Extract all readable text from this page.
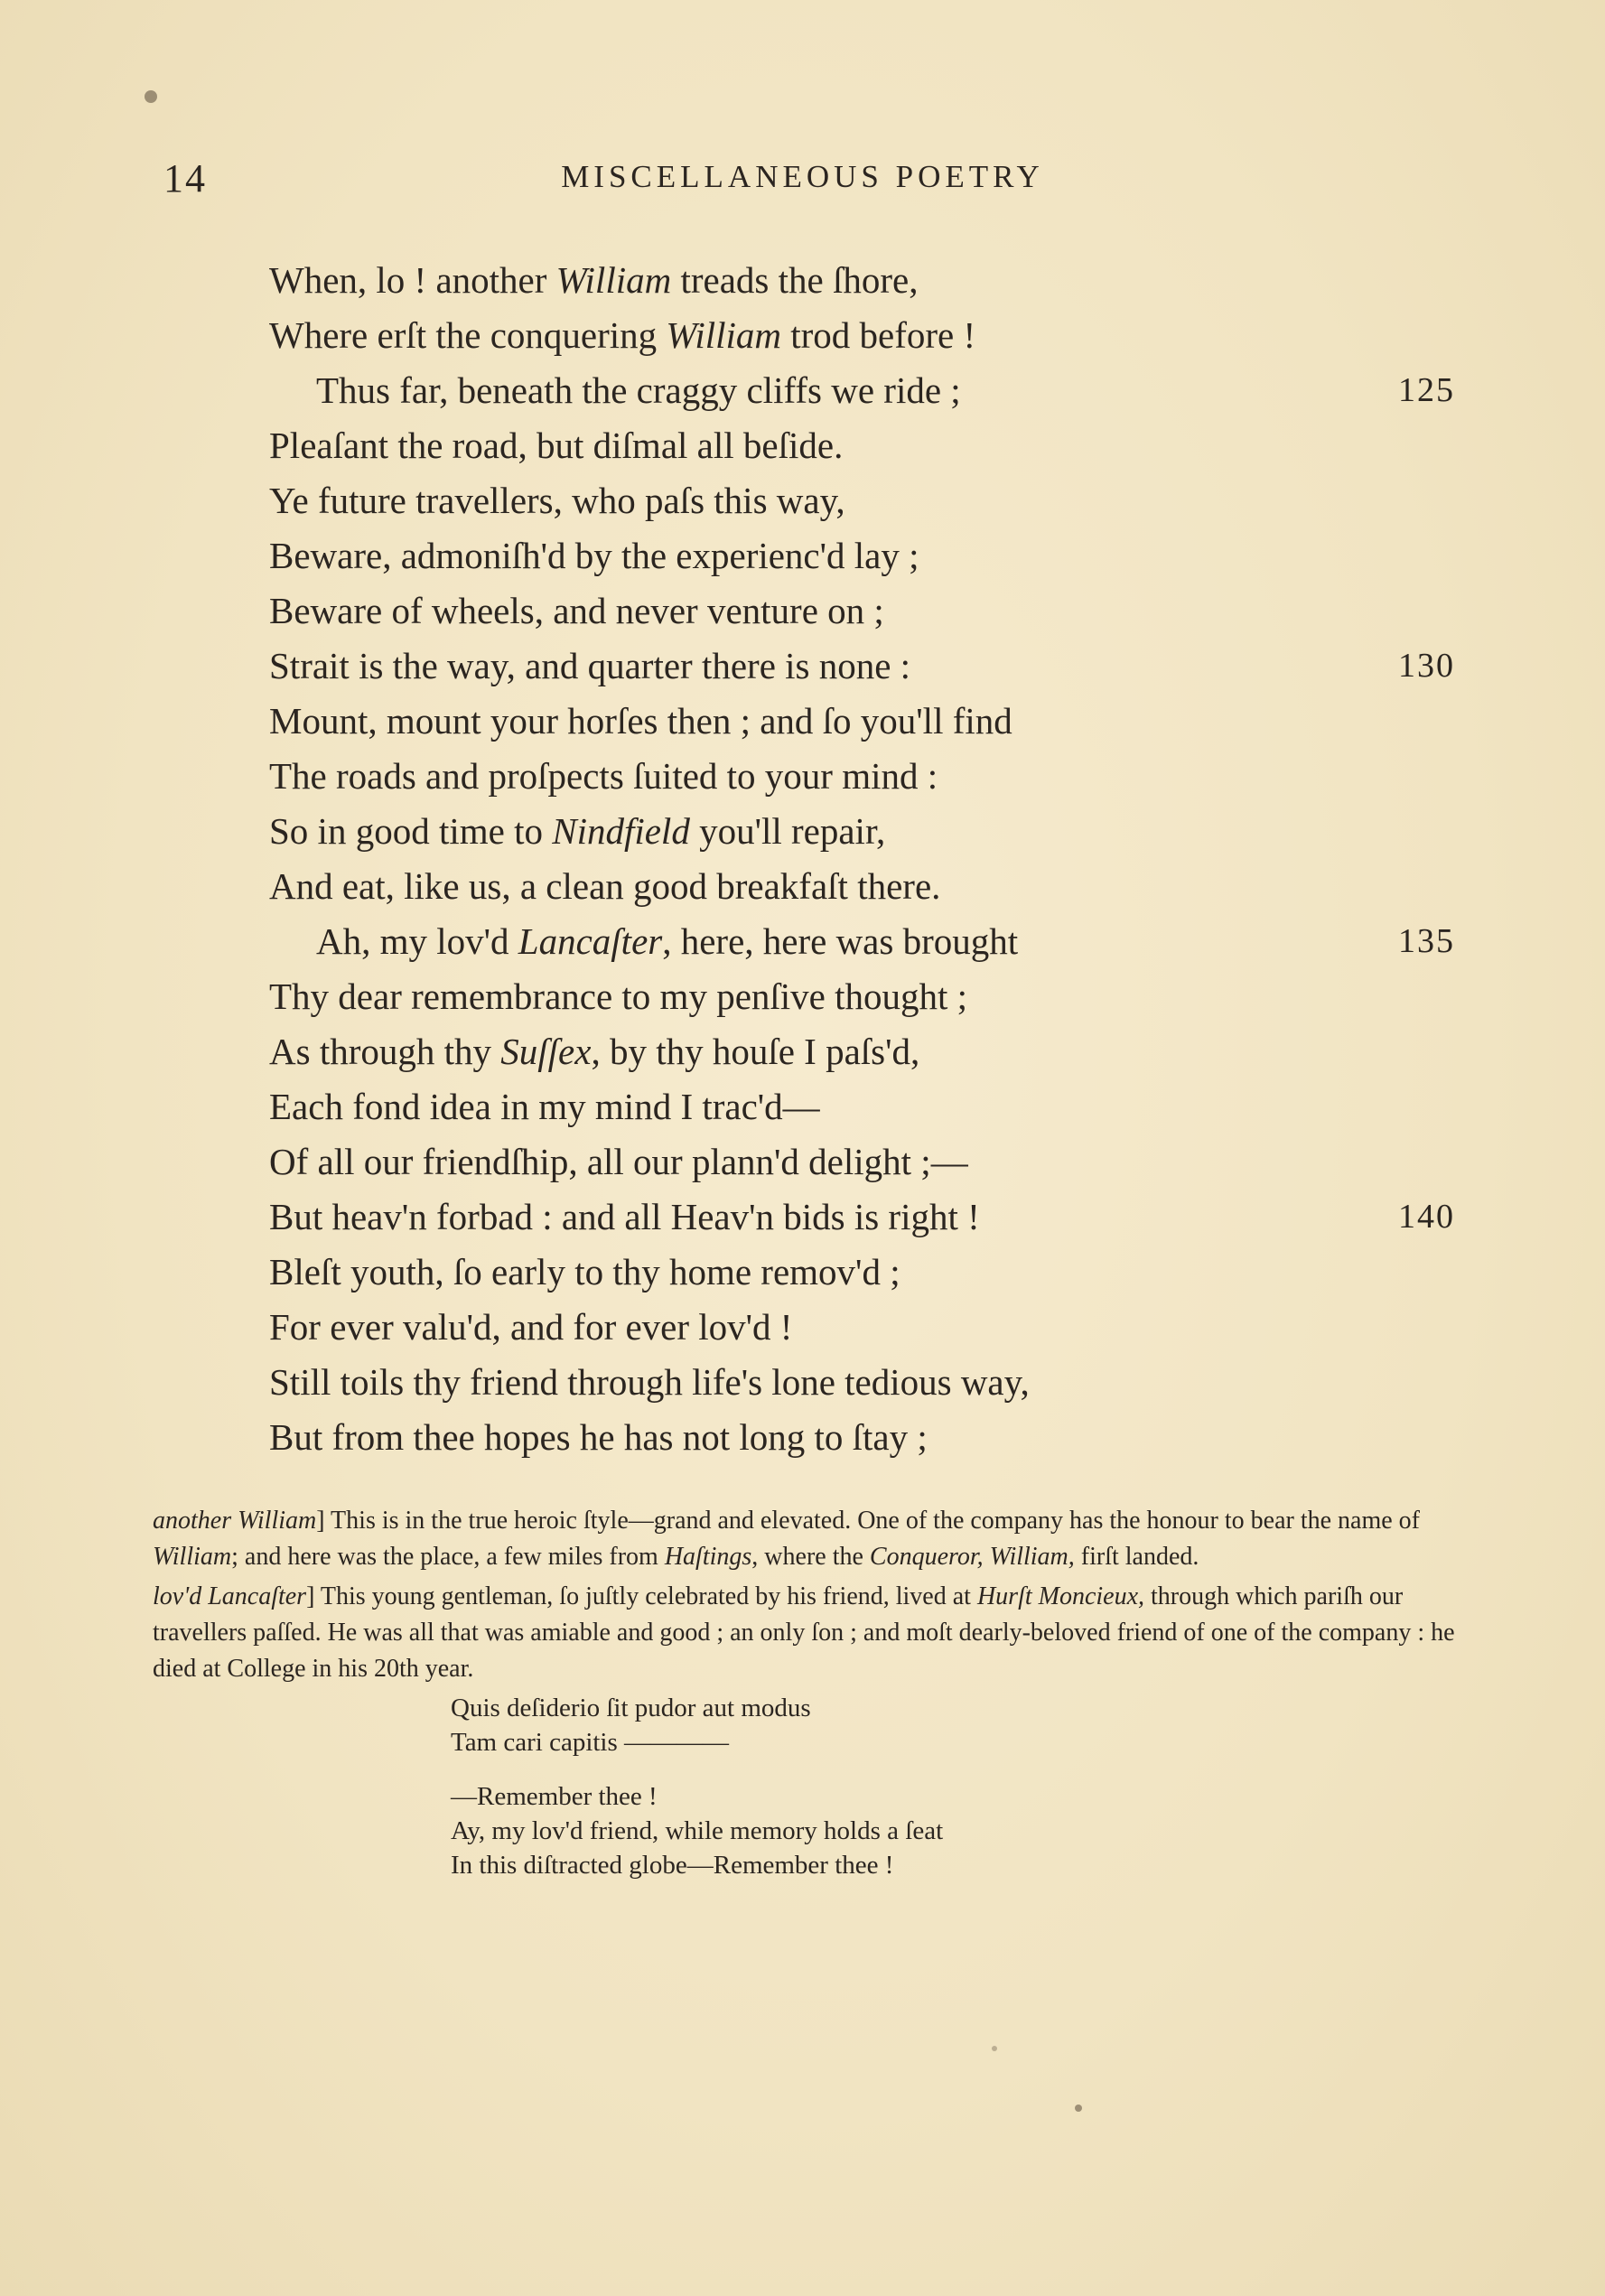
14	MISCELLANEOUS POETRY
When, lo ! another William treads the ſhore,
Where erſt the conquering William trod before !
Thus far, beneath the craggy cliffs we ride ;	125
Pleaſant the road, but diſmal all beſide.
Ye future travellers, who paſs this way,
Beware, admoniſh'd by the experienc'd lay ;
Beware of wheels, and never venture on ;
Strait is the way, and quarter there is none :	130
Mount, mount your horſes then ; and ſo you'll find
The roads and proſpects ſuited to your mind :
So in good time to Nindfield you'll repair,
And eat, like us, a clean good breakfaſt there.
Ah, my lov'd Lancaſter, here, here was brought	135
Thy dear remembrance to my penſive thought ;
As through thy Suſſex, by thy houſe I paſs'd,
Each fond idea in my mind I trac'd—
Of all our friendſhip, all our plann'd delight ;—
But heav'n forbad : and all Heav'n bids is right !	140
Bleſt youth, ſo early to thy home remov'd ;
For ever valu'd, and for ever lov'd !
Still toils thy friend through life's lone tedious way,
But from thee hopes he has not long to ſtay ;
another William] This is in the true heroic ſtyle—grand and elevated. One of the company has the honour to bear the name of William; and here was the place, a few miles from Haſtings, where the Conqueror, William, firſt landed.
lov'd Lancaſter] This young gentleman, ſo juſtly celebrated by his friend, lived at Hurſt Moncieux, through which pariſh our travellers paſſed. He was all that was amiable and good ; an only ſon ; and moſt dearly-beloved friend of one of the company : he died at College in his 20th year.
Quis deſiderio ſit pudor aut modus
Tam cari capitis ————
—Remember thee !
Ay, my lov'd friend, while memory holds a ſeat
In this diſtracted globe—Remember thee !
